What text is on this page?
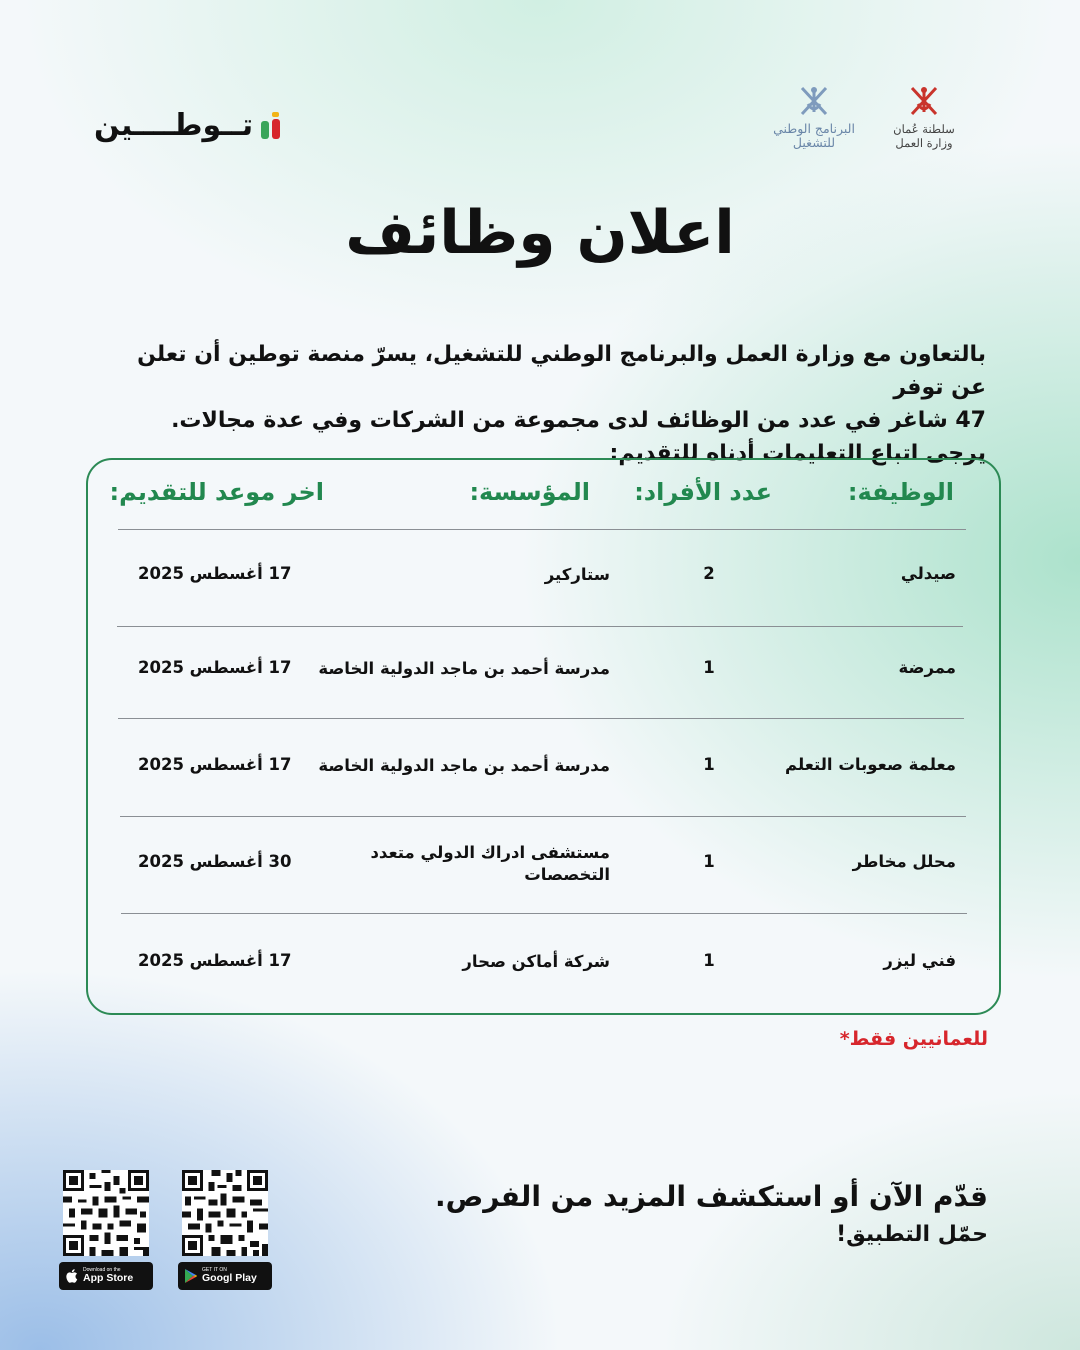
تــوطــــين	البرنامج الوطني
للتشغيل
سلطنة عُمان
وزارة العمل
اعلان وظائف

بالتعاون مع وزارة العمل والبرنامج الوطني للتشغيل، يسرّ منصة توطين أن تعلن عن توفر

47 شاغر في عدد من الوظائف لدى مجموعة من الشركات وفي عدة مجالات.

يرجى اتباع التعليمات أدناه للتقديم:

الوظيفة:
عدد الأفراد:
المؤسسة:
اخر موعد للتقديم:
صيدلي
2
ستاركير
17 أغسطس 2025
ممرضة
1
مدرسة أحمد بن ماجد الدولية الخاصة
17 أغسطس 2025
معلمة صعوبات التعلم
1
مدرسة أحمد بن ماجد الدولية الخاصة
17 أغسطس 2025
محلل مخاطر
1
مستشفى ادراك الدولي متعدد التخصصات
30 أغسطس 2025
فني ليزر
1
شركة أماكن صحار
17 أغسطس 2025
للعمانيين فقط*
قدّم الآن أو استكشف المزيد من الفرص.
حمّل التطبيق!
Download on the
App Store
GET IT ON
Googl Play
